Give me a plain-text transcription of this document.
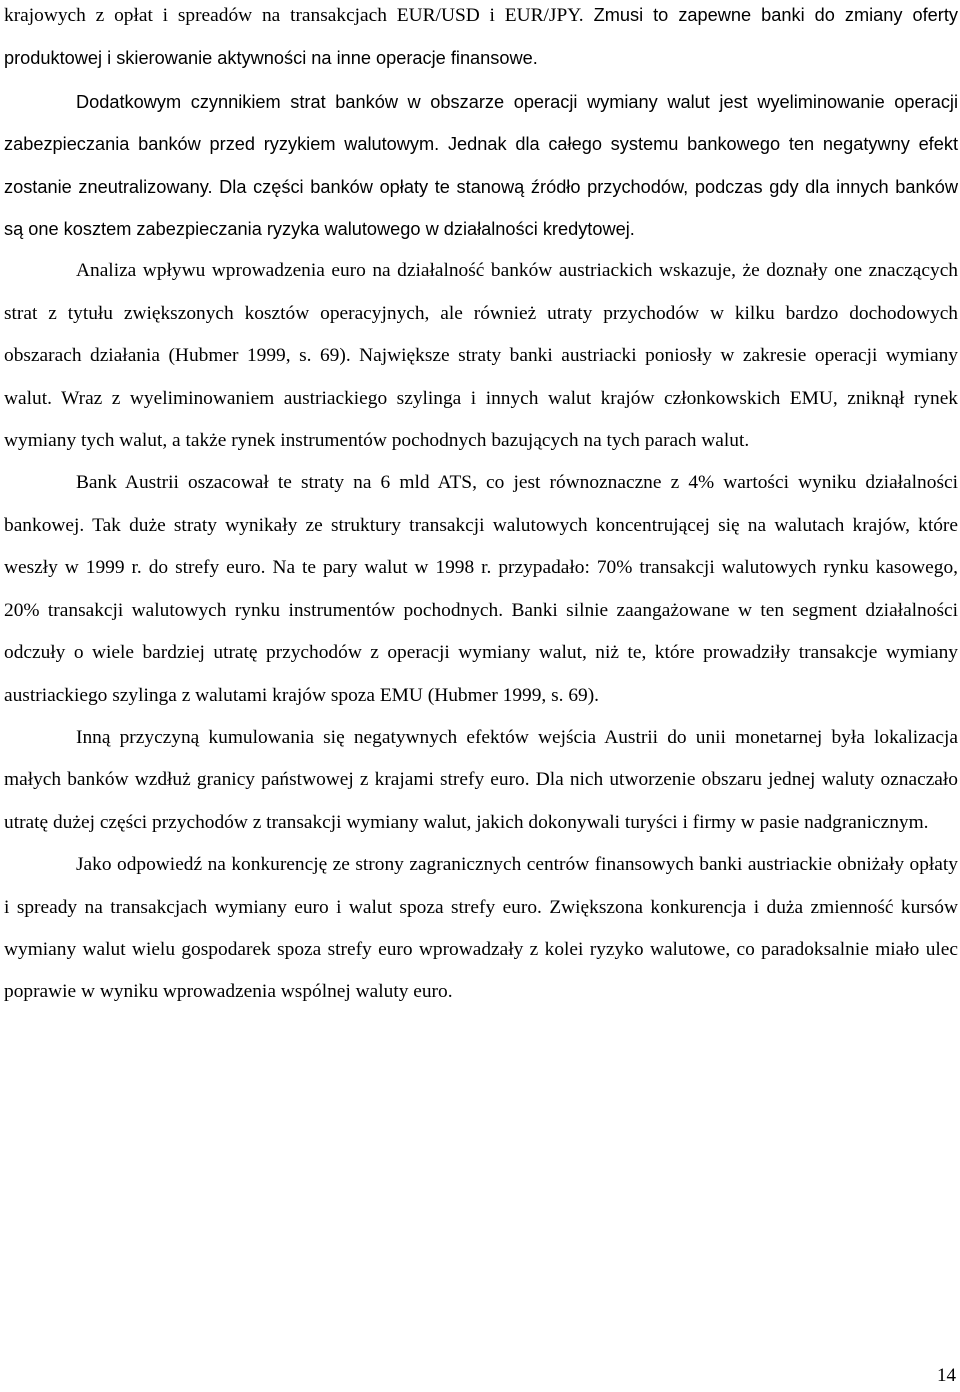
krajowych z opłat i spreadów na transakcjach EUR/USD i EUR/JPY. Zmusi to zapewne banki do zmiany oferty produktowej i skierowanie aktywności na inne operacje finansowe.

Dodatkowym czynnikiem strat banków w obszarze operacji wymiany walut jest wyeliminowanie operacji zabezpieczania banków przed ryzykiem walutowym. Jednak dla całego systemu bankowego ten negatywny efekt zostanie zneutralizowany. Dla części banków opłaty te stanową źródło przychodów, podczas gdy dla innych banków są one kosztem zabezpieczania ryzyka walutowego w działalności kredytowej.

Analiza wpływu wprowadzenia euro na działalność banków austriackich wskazuje, że doznały one znaczących strat z tytułu zwiększonych kosztów operacyjnych, ale również utraty przychodów w kilku bardzo dochodowych obszarach działania (Hubmer 1999, s. 69). Największe straty banki austriacki poniosły w zakresie operacji wymiany walut. Wraz z wyeliminowaniem austriackiego szylinga i innych walut krajów członkowskich EMU, zniknął rynek wymiany tych walut, a także rynek instrumentów pochodnych bazujących na tych parach walut.

Bank Austrii oszacował te straty na 6 mld ATS, co jest równoznaczne z 4% wartości wyniku działalności bankowej. Tak duże straty wynikały ze struktury transakcji walutowych koncentrującej się na walutach krajów, które weszły w 1999 r. do strefy euro. Na te pary walut w 1998 r. przypadało: 70% transakcji walutowych rynku kasowego, 20% transakcji walutowych rynku instrumentów pochodnych. Banki silnie zaangażowane w ten segment działalności odczuły o wiele bardziej utratę przychodów z operacji wymiany walut, niż te, które prowadziły transakcje wymiany austriackiego szylinga z walutami krajów spoza EMU (Hubmer 1999, s. 69).

Inną przyczyną kumulowania się negatywnych efektów wejścia Austrii do unii monetarnej była lokalizacja małych banków wzdłuż granicy państwowej z krajami strefy euro. Dla nich utworzenie obszaru jednej waluty oznaczało utratę dużej części przychodów z transakcji wymiany walut, jakich dokonywali turyści i firmy w pasie nadgranicznym.

Jako odpowiedź na konkurencję ze strony zagranicznych centrów finansowych banki austriackie obniżały opłaty i spready na transakcjach wymiany euro i walut spoza strefy euro. Zwiększona konkurencja i duża zmienność kursów wymiany walut wielu gospodarek spoza strefy euro wprowadzały z kolei ryzyko walutowe, co paradoksalnie miało ulec poprawie w wyniku wprowadzenia wspólnej waluty euro.

14
